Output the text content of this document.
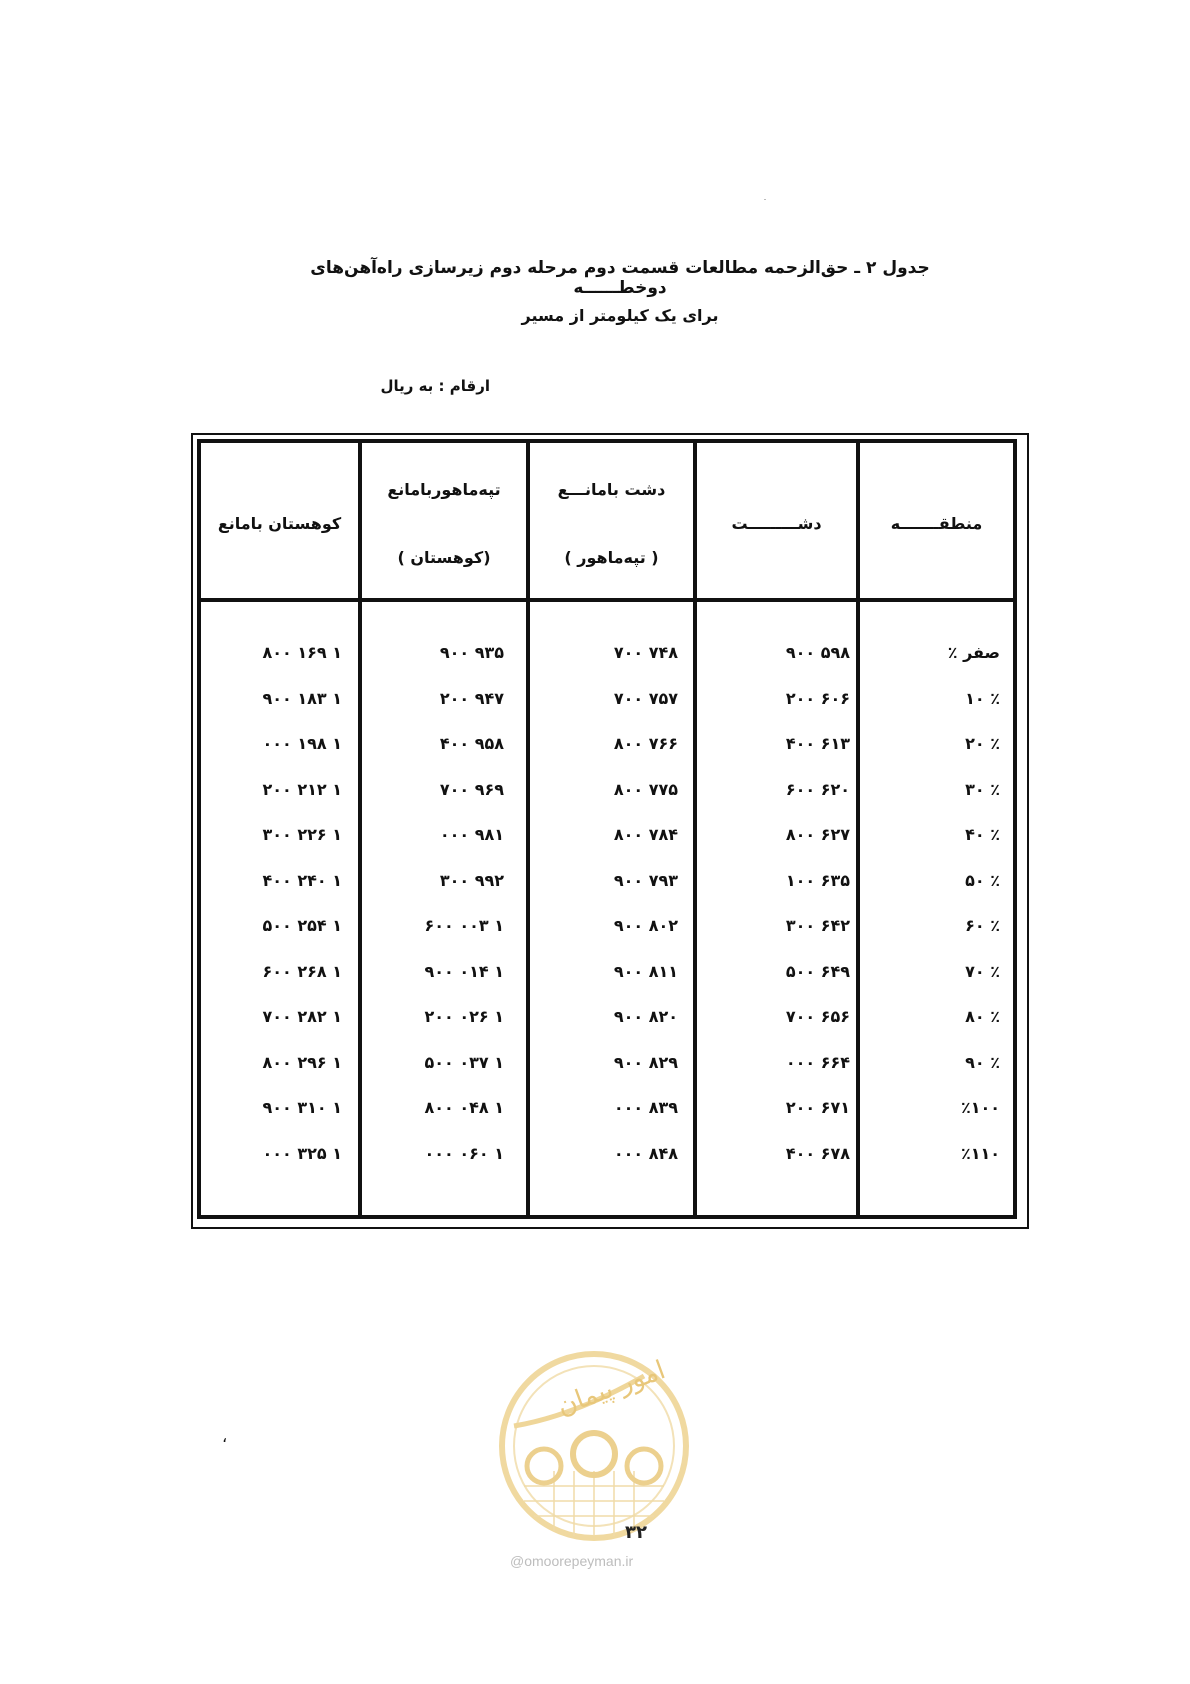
جدول ۲ ـ حق‌الزحمه مطالعات قسمت دوم مرحله دوم زیرسازی راه‌آهن‌های دوخطــــــه
برای یک کیلومتر از مسیر
ارقام : به ریال
منطقـــــــه
دشـــــــــت
دشت بامانـــع
( تپه‌ماهور )
تپه‌ماهوربامانع
(کوهستان )
کوهستان بامانع
صفر ٪
۵۹۸ ۹۰۰
۷۴۸ ۷۰۰
۹۳۵ ۹۰۰
۱ ۱۶۹ ۸۰۰
٪ ۱۰
۶۰۶ ۲۰۰
۷۵۷ ۷۰۰
۹۴۷ ۲۰۰
۱ ۱۸۳ ۹۰۰
٪ ۲۰
۶۱۳ ۴۰۰
۷۶۶ ۸۰۰
۹۵۸ ۴۰۰
۱ ۱۹۸ ۰۰۰
٪ ۳۰
۶۲۰ ۶۰۰
۷۷۵ ۸۰۰
۹۶۹ ۷۰۰
۱ ۲۱۲ ۲۰۰
٪ ۴۰
۶۲۷ ۸۰۰
۷۸۴ ۸۰۰
۹۸۱ ۰۰۰
۱ ۲۲۶ ۳۰۰
٪ ۵۰
۶۳۵ ۱۰۰
۷۹۳ ۹۰۰
۹۹۲ ۳۰۰
۱ ۲۴۰ ۴۰۰
٪ ۶۰
۶۴۲ ۳۰۰
۸۰۲ ۹۰۰
۱ ۰۰۳ ۶۰۰
۱ ۲۵۴ ۵۰۰
٪ ۷۰
۶۴۹ ۵۰۰
۸۱۱ ۹۰۰
۱ ۰۱۴ ۹۰۰
۱ ۲۶۸ ۶۰۰
٪ ۸۰
۶۵۶ ۷۰۰
۸۲۰ ۹۰۰
۱ ۰۲۶ ۲۰۰
۱ ۲۸۲ ۷۰۰
٪ ۹۰
۶۶۴ ۰۰۰
۸۲۹ ۹۰۰
۱ ۰۳۷ ۵۰۰
۱ ۲۹۶ ۸۰۰
٪۱۰۰
۶۷۱ ۲۰۰
۸۳۹ ۰۰۰
۱ ۰۴۸ ۸۰۰
۱ ۳۱۰ ۹۰۰
٪۱۱۰
۶۷۸ ۴۰۰
۸۴۸ ۰۰۰
۱ ۰۶۰ ۰۰۰
۱ ۳۲۵ ۰۰۰
امور پیمان
۳۲
@omoorepeyman.ir
،
